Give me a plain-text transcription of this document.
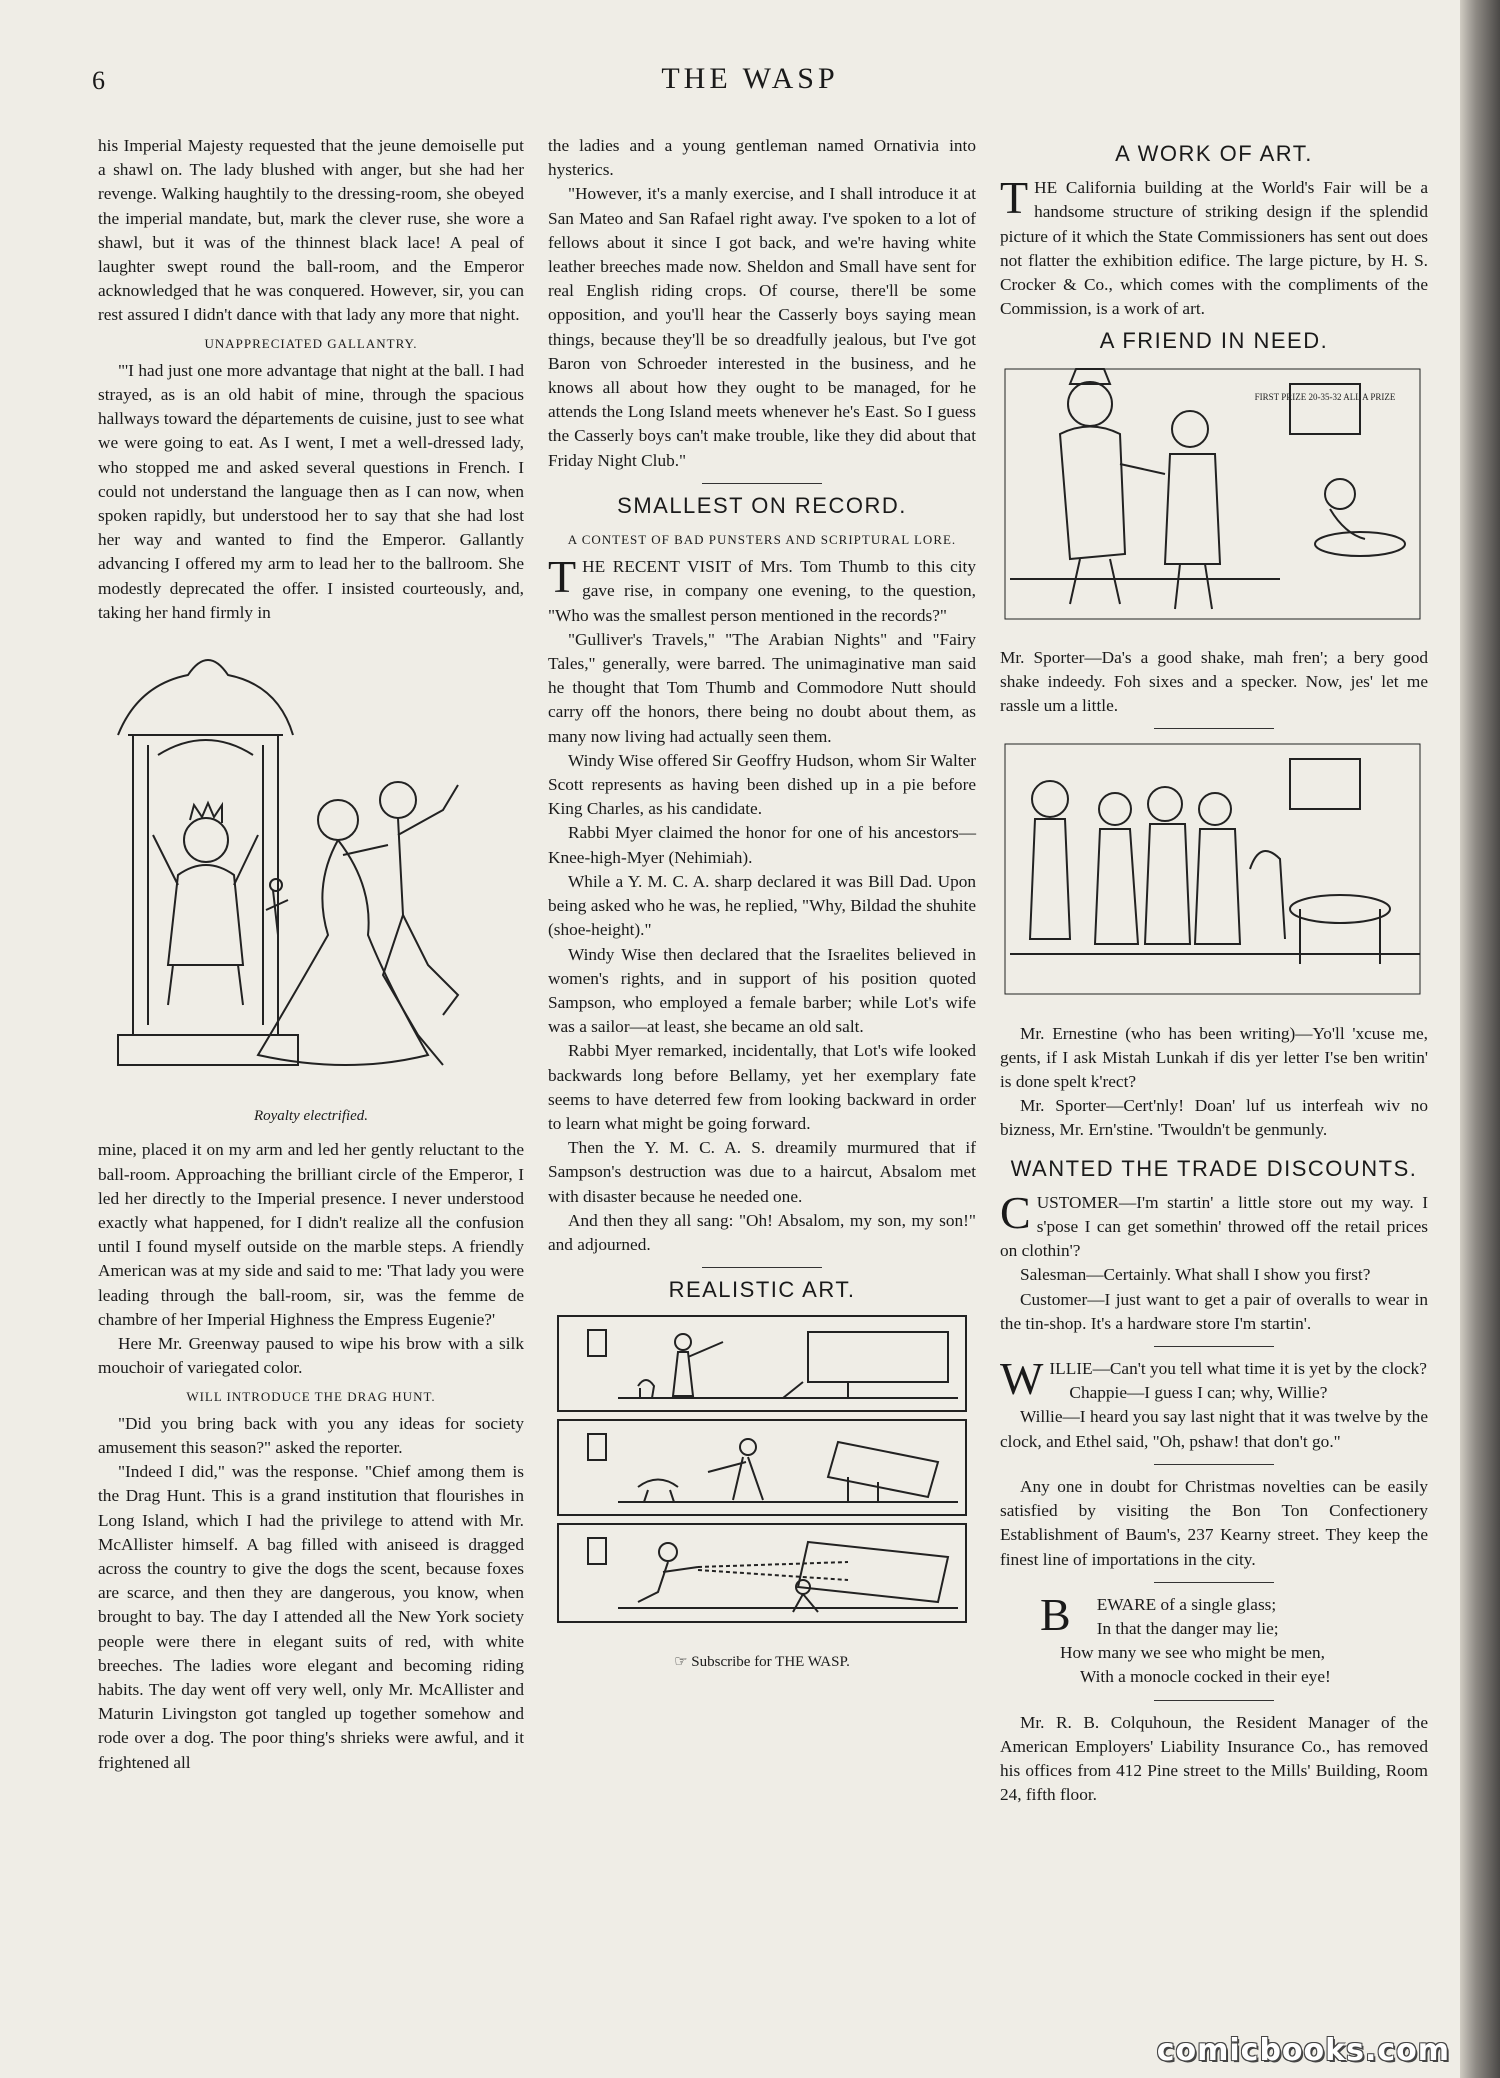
6	THE WASP

his Imperial Majesty requested that the jeune demoiselle put a shawl on. The lady blushed with anger, but she had her revenge. Walking haughtily to the dressing-room, she obeyed the imperial mandate, but, mark the clever ruse, she wore a shawl, but it was of the thinnest black lace! A peal of laughter swept round the ball-room, and the Emperor acknowledged that he was conquered. However, sir, you can rest assured I didn't dance with that lady any more that night.

UNAPPRECIATED GALLANTRY.

"'I had just one more advantage that night at the ball. I had strayed, as is an old habit of mine, through the spacious hallways toward the départements de cuisine, just to see what we were going to eat. As I went, I met a well-dressed lady, who stopped me and asked several questions in French. I could not understand the language then as I can now, when spoken rapidly, but understood her to say that she had lost her way and wanted to find the Emperor. Gallantly advancing I offered my arm to lead her to the ballroom. She modestly deprecated the offer. I insisted courteously, and, taking her hand firmly in

Royalty electrified.

mine, placed it on my arm and led her gently reluctant to the ball-room. Approaching the brilliant circle of the Emperor, I led her directly to the Imperial presence. I never understood exactly what happened, for I didn't realize all the confusion until I found myself outside on the marble steps. A friendly American was at my side and said to me: 'That lady you were leading through the ball-room, sir, was the femme de chambre of her Imperial Highness the Empress Eugenie?'

Here Mr. Greenway paused to wipe his brow with a silk mouchoir of variegated color.

WILL INTRODUCE THE DRAG HUNT.

"Did you bring back with you any ideas for society amusement this season?" asked the reporter.

"Indeed I did," was the response. "Chief among them is the Drag Hunt. This is a grand institution that flourishes in Long Island, which I had the privilege to attend with Mr. McAllister himself. A bag filled with aniseed is dragged across the country to give the dogs the scent, because foxes are scarce, and then they are dangerous, you know, when brought to bay. The day I attended all the New York society people were there in elegant suits of red, with white breeches. The ladies wore elegant and becoming riding habits. The day went off very well, only Mr. McAllister and Maturin Livingston got tangled up together somehow and rode over a dog. The poor thing's shrieks were awful, and it frightened all

the ladies and a young gentleman named Ornativia into hysterics.

"However, it's a manly exercise, and I shall introduce it at San Mateo and San Rafael right away. I've spoken to a lot of fellows about it since I got back, and we're having white leather breeches made now. Sheldon and Small have sent for real English riding crops. Of course, there'll be some opposition, and you'll hear the Casserly boys saying mean things, because they'll be so dreadfully jealous, but I've got Baron von Schroeder interested in the business, and he knows all about how they ought to be managed, for he attends the Long Island meets whenever he's East. So I guess the Casserly boys can't make trouble, like they did about that Friday Night Club."

SMALLEST ON RECORD.
A CONTEST OF BAD PUNSTERS AND SCRIPTURAL LORE.

THE RECENT VISIT of Mrs. Tom Thumb to this city gave rise, in company one evening, to the question, "Who was the smallest person mentioned in the records?"

"Gulliver's Travels," "The Arabian Nights" and "Fairy Tales," generally, were barred. The unimaginative man said he thought that Tom Thumb and Commodore Nutt should carry off the honors, there being no doubt about them, as many now living had actually seen them.

Windy Wise offered Sir Geoffry Hudson, whom Sir Walter Scott represents as having been dished up in a pie before King Charles, as his candidate.

Rabbi Myer claimed the honor for one of his ancestors—Knee-high-Myer (Nehimiah).

While a Y. M. C. A. sharp declared it was Bill Dad. Upon being asked who he was, he replied, "Why, Bildad the shuhite (shoe-height)."

Windy Wise then declared that the Israelites believed in women's rights, and in support of his position quoted Sampson, who employed a female barber; while Lot's wife was a sailor—at least, she became an old salt.

Rabbi Myer remarked, incidentally, that Lot's wife looked backwards long before Bellamy, yet her exemplary fate seems to have deterred few from looking backward in order to learn what might be going forward.

Then the Y. M. C. A. S. dreamily murmured that if Sampson's destruction was due to a haircut, Absalom met with disaster because he needed one.

And then they all sang: "Oh! Absalom, my son, my son!" and adjourned.

REALISTIC ART.
☞ Subscribe for THE WASP.
A WORK OF ART.

THE California building at the World's Fair will be a handsome structure of striking design if the splendid picture of it which the State Commissioners has sent out does not flatter the exhibition edifice. The large picture, by H. S. Crocker & Co., which comes with the compliments of the Commission, is a work of art.

A FRIEND IN NEED.
FIRST PRIZE 20-35-32 ALL A PRIZE

Mr. Sporter—Da's a good shake, mah fren'; a bery good shake indeedy. Foh sixes and a specker. Now, jes' let me rassle um a little.

Mr. Ernestine (who has been writing)—Yo'll 'xcuse me, gents, if I ask Mistah Lunkah if dis yer letter I'se ben writin' is done spelt k'rect?

Mr. Sporter—Cert'nly! Doan' luf us interfeah wiv no bizness, Mr. Ern'stine. 'Twouldn't be genmunly.

WANTED THE TRADE DISCOUNTS.

CUSTOMER—I'm startin' a little store out my way. I s'pose I can get somethin' throwed off the retail prices on clothin'?

Salesman—Certainly. What shall I show you first?

Customer—I just want to get a pair of overalls to wear in the tin-shop. It's a hardware store I'm startin'.

WILLIE—Can't you tell what time it is yet by the clock?

Chappie—I guess I can; why, Willie?

Willie—I heard you say last night that it was twelve by the clock, and Ethel said, "Oh, pshaw! that don't go."

Any one in doubt for Christmas novelties can be easily satisfied by visiting the Bon Ton Confectionery Establishment of Baum's, 237 Kearny street. They keep the finest line of importations in the city.

B EWARE of a single glass;

In that the danger may lie;

How many we see who might be men,

With a monocle cocked in their eye!

Mr. R. B. Colquhoun, the Resident Manager of the American Employers' Liability Insurance Co., has removed his offices from 412 Pine street to the Mills' Building, Room 24, fifth floor.

comicbooks.com
